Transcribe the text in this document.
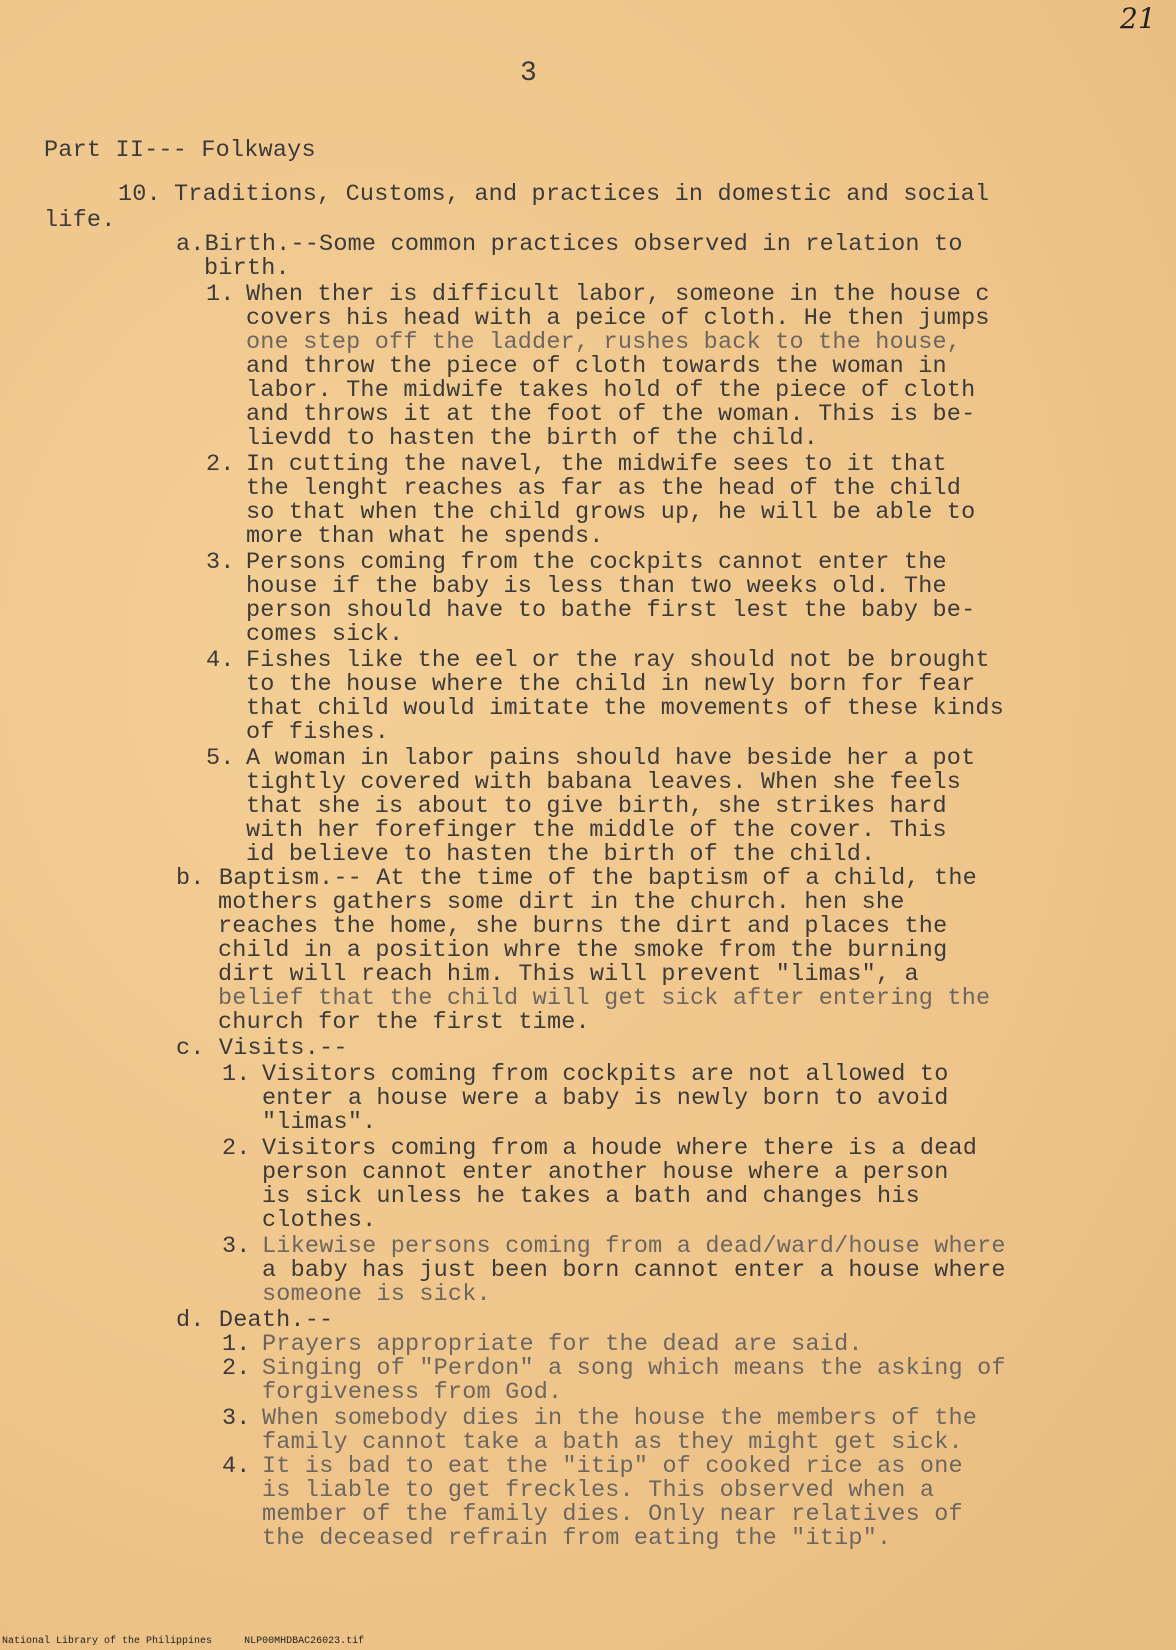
21
3
Part II--- Folkways
10. Traditions, Customs, and practices in domestic and social
life.
a.Birth.--Some common practices observed in relation to
birth.
1. When ther is difficult labor, someone in the house c
covers his head with a peice of cloth. He then jumps
one step off the ladder, rushes back to the house,
and throw the piece of cloth towards the woman in
labor. The midwife takes hold of the piece of cloth
and throws it at the foot of the woman. This is be-
lievdd to hasten the birth of the child.
2. In cutting the navel, the midwife sees to it that
the lenght reaches as far as the head of the child
so that when the child grows up, he will be able to
more than what he spends.
3. Persons coming from the cockpits cannot enter the
house if the baby is less than two weeks old. The
person should have to bathe first lest the baby be-
comes sick.
4. Fishes like the eel or the ray should not be brought
to the house where the child in newly born for fear
that child would imitate the movements of these kinds
of fishes.
5. A woman in labor pains should have beside her a pot
tightly covered with babana leaves. When she feels
that she is about to give birth, she strikes hard
with her forefinger the middle of the cover. This
id believe to hasten the birth of the child.
b. Baptism.-- At the time of the baptism of a child, the
mothers gathers some dirt in the church. hen she
reaches the home, she burns the dirt and places the
child in a position whre the smoke from the burning
dirt will reach him. This will prevent "limas", a
belief that the child will get sick after entering the
church for the first time.
c. Visits.--
1. Visitors coming from cockpits are not allowed to
enter a house were a baby is newly born to avoid
"limas".
2. Visitors coming from a houde where there is a dead
person cannot enter another house where a person
is sick unless he takes a bath and changes his
clothes.
3. Likewise persons coming from a dead/ward/house where
a baby has just been born cannot enter a house where
someone is sick.
d. Death.--
1. Prayers appropriate for the dead are said.
2. Singing of "Perdon" a song which means the asking of
forgiveness from God.
3. When somebody dies in the house the members of the
family cannot take a bath as they might get sick.
4. It is bad to eat the "itip" of cooked rice as one
is liable to get freckles. This observed when a
member of the family dies. Only near relatives of
the deceased refrain from eating the "itip".
National Library of the Philippines	NLP00MHDBAC26023.tif
